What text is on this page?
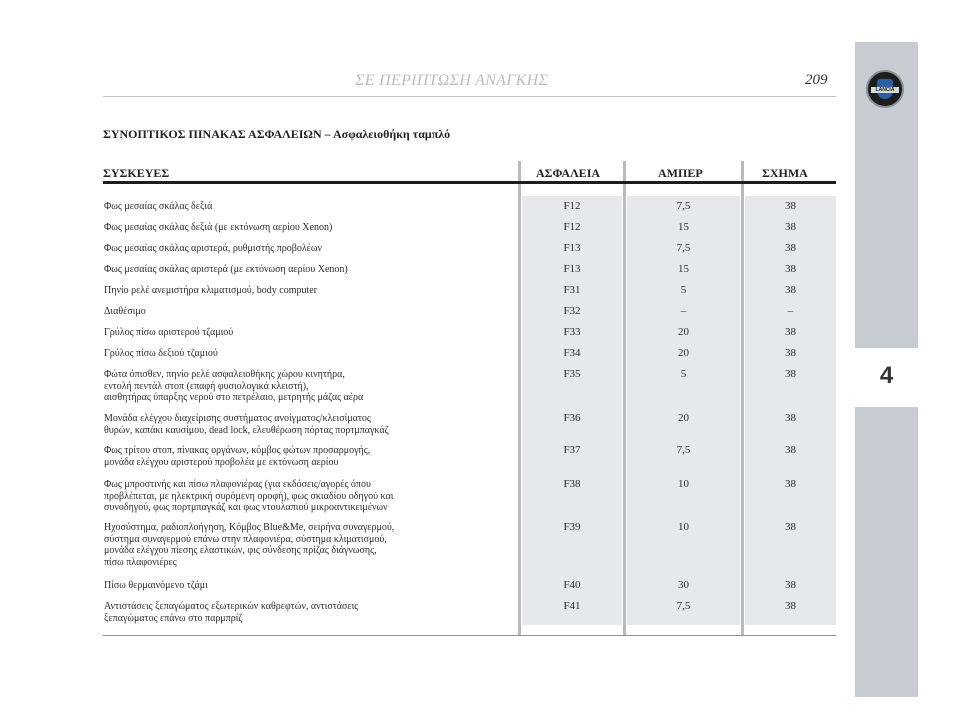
ΣΕ ΠΕΡΙΠΤΩΣΗ ΑΝΑΓΚΗΣ	209
LANCIA
4
ΣΥΝΟΠΤΙΚΟΣ ΠΙΝΑΚΑΣ ΑΣΦΑΛΕΙΩΝ – Ασφαλειοθήκη ταμπλό
ΣΥΣΚΕΥΕΣ	ΑΣΦΑΛΕΙΑ	ΑΜΠΕΡ	ΣΧΗΜΑ
Φως μεσαίας σκάλας δεξιά	F12	7,5	38
Φως μεσαίας σκάλας δεξιά (με εκτόνωση αερίου Xenon)	F12	15	38
Φως μεσαίας σκάλας αριστερά, ρυθμιστής προβολέων	F13	7,5	38
Φως μεσαίας σκάλας αριστερά (με εκτόνωση αερίου Xenon)	F13	15	38
Πηνίο ρελέ ανεμιστήρα κλιματισμού, body computer	F31	5	38
Διαθέσιμο	F32	–	–
Γρύλος πίσω αριστερού τζαμιού	F33	20	38
Γρύλος πίσω δεξιού τζαμιού	F34	20	38
Φώτα όπισθεν, πηνίο ρελέ ασφαλειοθήκης χώρου κινητήρα,
εντολή πεντάλ στοπ (επαφή φυσιολογικά κλειστή),
αισθητήρας ύπαρξης νερού στο πετρέλαιο, μετρητής μάζας αέρα
F35	5	38
Μονάδα ελέγχου διαχείρισης συστήματος ανοίγματος/κλεισίματος
θυρών, καπάκι καυσίμου, dead lock, ελευθέρωση πόρτας πορτμπαγκάζ
F36	20	38
Φως τρίτου στοπ, πίνακας οργάνων, κόμβος φώτων προσαρμογής,
μονάδα ελέγχου αριστερού προβολέα με εκτόνωση αερίου
F37	7,5	38
Φως μπροστινής και πίσω πλαφονιέρας (για εκδόσεις/αγορές όπου
προβλέπεται, με ηλεκτρική συρόμενη οροφή), φως σκιαδίου οδηγού και
συνοδηγού, φως πορτμπαγκάζ και φως ντουλαπιού μικροαντικειμένων
F38	10	38
Ηχοσύστημα, ραδιοπλοήγηση, Κόμβος Blue&Me, σειρήνα συναγερμού,
σύστημα συναγερμού επάνω στην πλαφονιέρα, σύστημα κλιματισμού,
μονάδα ελέγχου πίεσης ελαστικών, φις σύνδεσης πρίζας διάγνωσης,
πίσω πλαφονιέρες
F39	10	38
Πίσω θερμαινόμενο τζάμι	F40	30	38
Αντιστάσεις ξεπαγώματος εξωτερικών καθρεφτών, αντιστάσεις
ξεπαγώματος επάνω στο παρμπρίζ
F41	7,5	38
